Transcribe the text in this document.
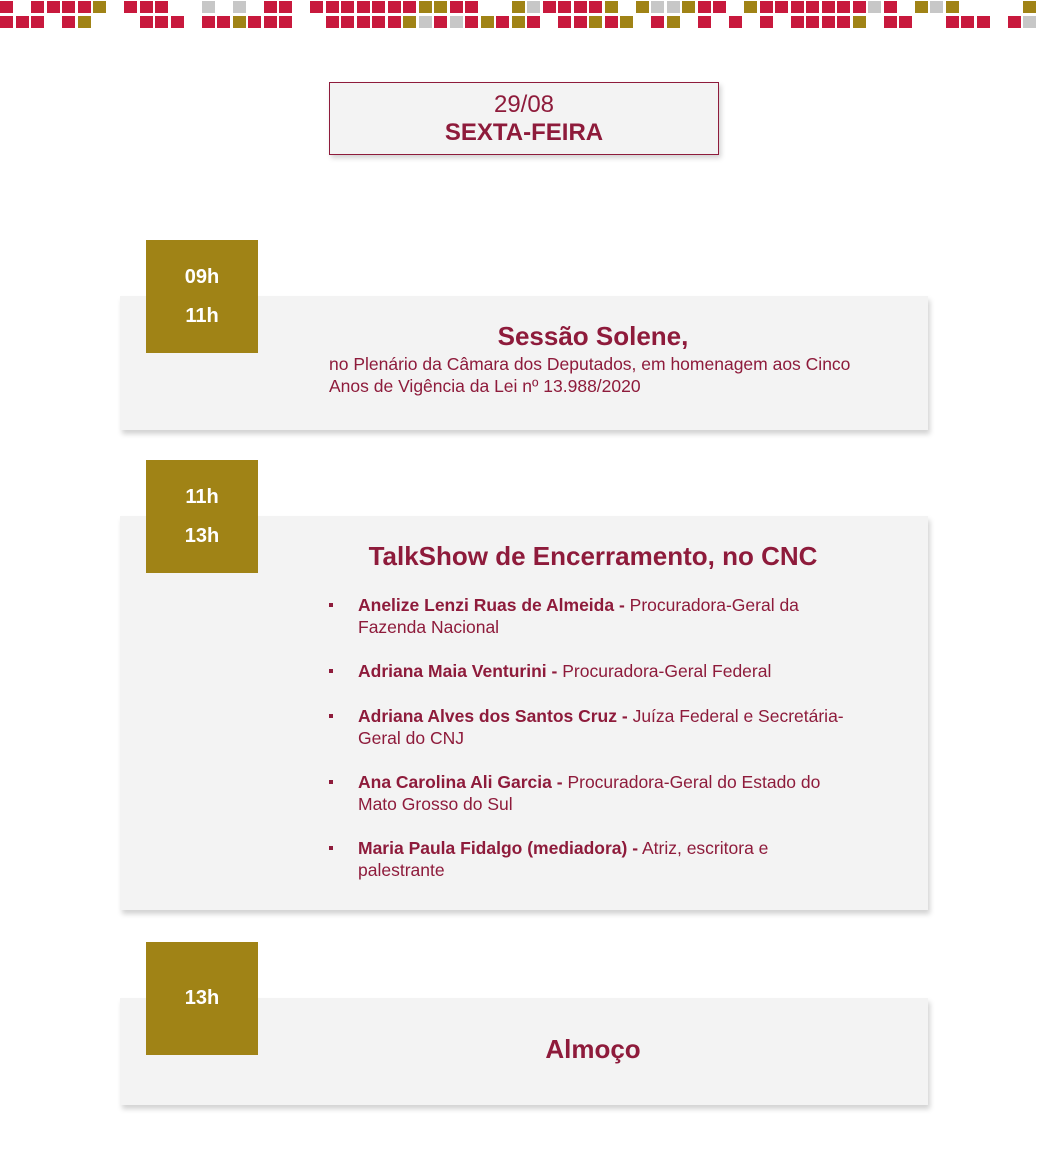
29/08
SEXTA-FEIRA
09h
11h
Sessão Solene,
no Plenário da Câmara dos Deputados, em homenagem aos Cinco Anos de Vigência da Lei nº 13.988/2020
11h
13h
TalkShow de Encerramento, no CNC
Anelize Lenzi Ruas de Almeida - Procuradora-Geral da Fazenda Nacional
Adriana Maia Venturini - Procuradora-Geral Federal
Adriana Alves dos Santos Cruz - Juíza Federal e Secretária-Geral do CNJ
Ana Carolina Ali Garcia - Procuradora-Geral do Estado do Mato Grosso do Sul
Maria Paula Fidalgo (mediadora) - Atriz, escritora e palestrante
13h
Almoço
